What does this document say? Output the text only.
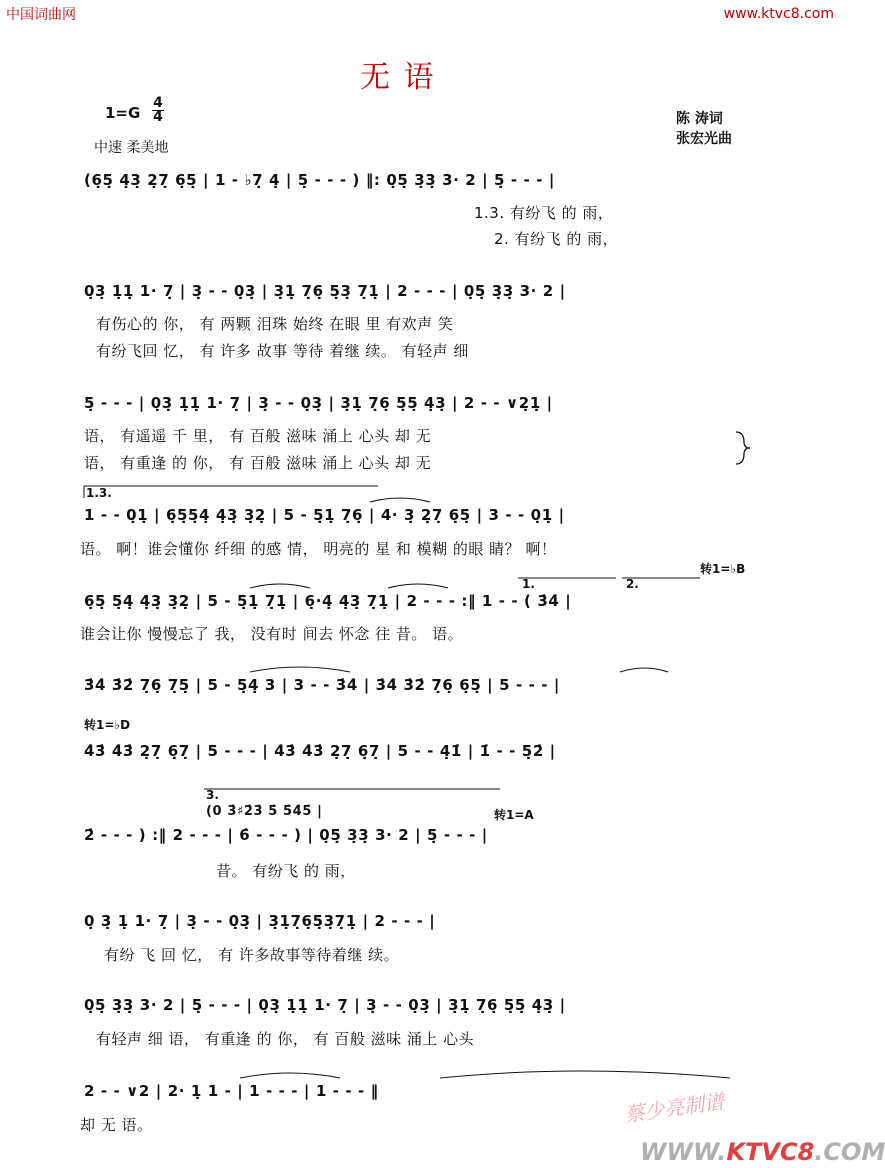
中国词曲网	www.ktvc8.com
无 语
1=G
4
4
中速 柔美地
陈 涛词
张宏光曲
(6̣5̣ 4̣3̣ 2̣7̣ 6̣5̣ | 1 - ♭7̣ 4̣ | 5̣ - - - ) ‖: 0̣5̣ 3̣3̣ 3· 2 | 5̣ - - - |
1.3. 有纷飞 的 雨，
2. 有纷飞 的 雨，
0̣3̣ 1̣1̣ 1· 7̣ | 3̣ - - 0̣3̣ | 3̣1̣ 7̣6̣ 5̣3̣ 7̣1̣ | 2 - - - | 0̣5̣ 3̣3̣ 3· 2 |
有伤心的 你， 有 两颗 泪珠 始终 在眼 里 有欢声 笑
有纷飞回 忆， 有 许多 故事 等待 着继 续。 有轻声 细
5̣ - - - | 0̣3̣ 1̣1̣ 1· 7̣ | 3̣ - - 0̣3̣ | 3̣1̣ 7̣6̣ 5̣5̣ 4̣3̣ | 2 - - ∨2̣1̣ |
语， 有遥遥 千 里， 有 百般 滋味 涌上 心头 却 无
语， 有重逢 的 你， 有 百般 滋味 涌上 心头 却 无
1.3.
1 - - 0̣1̣ | 6̣5̣5̣4̣ 4̣3̣ 3̣2̣ | 5 - 5̣1̣ 7̣6̣ | 4· 3̣ 2̣7̣ 6̣5̣ | 3 - - 0̣1̣ |
语。 啊！谁会懂你 纤细 的感 情， 明亮的 星 和 模糊 的眼 睛？ 啊！
转1=♭B
6̣5̣ 5̣4̣ 4̣3̣ 3̣2̣ | 5 - 5̣1̣ 7̣1̣ | 6̣·4̣ 4̣3̣ 7̣1̣ | 2 - - - :‖ 1 - - ( 3̇4̇ |
1.	2.
谁会让你 慢慢忘了 我， 没有时 间去 怀念 往 昔。 语。
3̇4̇ 3̇2̇ 7̣6̣ 7̣5̣ | 5 - 5̣4̣ 3 | 3 - - 3̇4̇ | 3̇4̇ 3̇2̇ 7̣6̣ 6̣5̣ | 5 - - - |
转1=♭D
4̇3̇ 4̇3̇ 2̣7̣ 6̣7̣ | 5 - - - | 4̇3̇ 4̇3̇ 2̣7̣ 6̣7̣ | 5 - - 4̣1̇ | 1̇ - - 5̣2̇ |
3.
(0 3̇♯2̇3̇ 5̇ 5̇4̇5̇ |	转1=A
2̇ - - - ) :‖ 2 - - - | 6̇ - - - ) | 0̣5̣ 3̣3̣ 3· 2 | 5̣ - - - |
昔。 有纷飞 的 雨，
0̣ 3̣ 1̣ 1· 7̣ | 3̣ - - 0̣3̣ | 3̣1̣7̣6̣5̣3̣7̣1̣ | 2 - - - |
有纷 飞 回 忆， 有 许多故事等待着继 续。
0̣5̣ 3̣3̣ 3· 2 | 5̣ - - - | 0̣3̣ 1̣1̣ 1· 7̣ | 3̣ - - 0̣3̣ | 3̣1̣ 7̣6̣ 5̣5̣ 4̣3̣ |
有轻声 细 语， 有重逢 的 你， 有 百般 滋味 涌上 心头
2 - - ∨2 | 2· 1̣ 1 - | 1 - - - | 1 - - - ‖
却 无 语。	蔡少亮制谱
WWW.KTVC8.COM
